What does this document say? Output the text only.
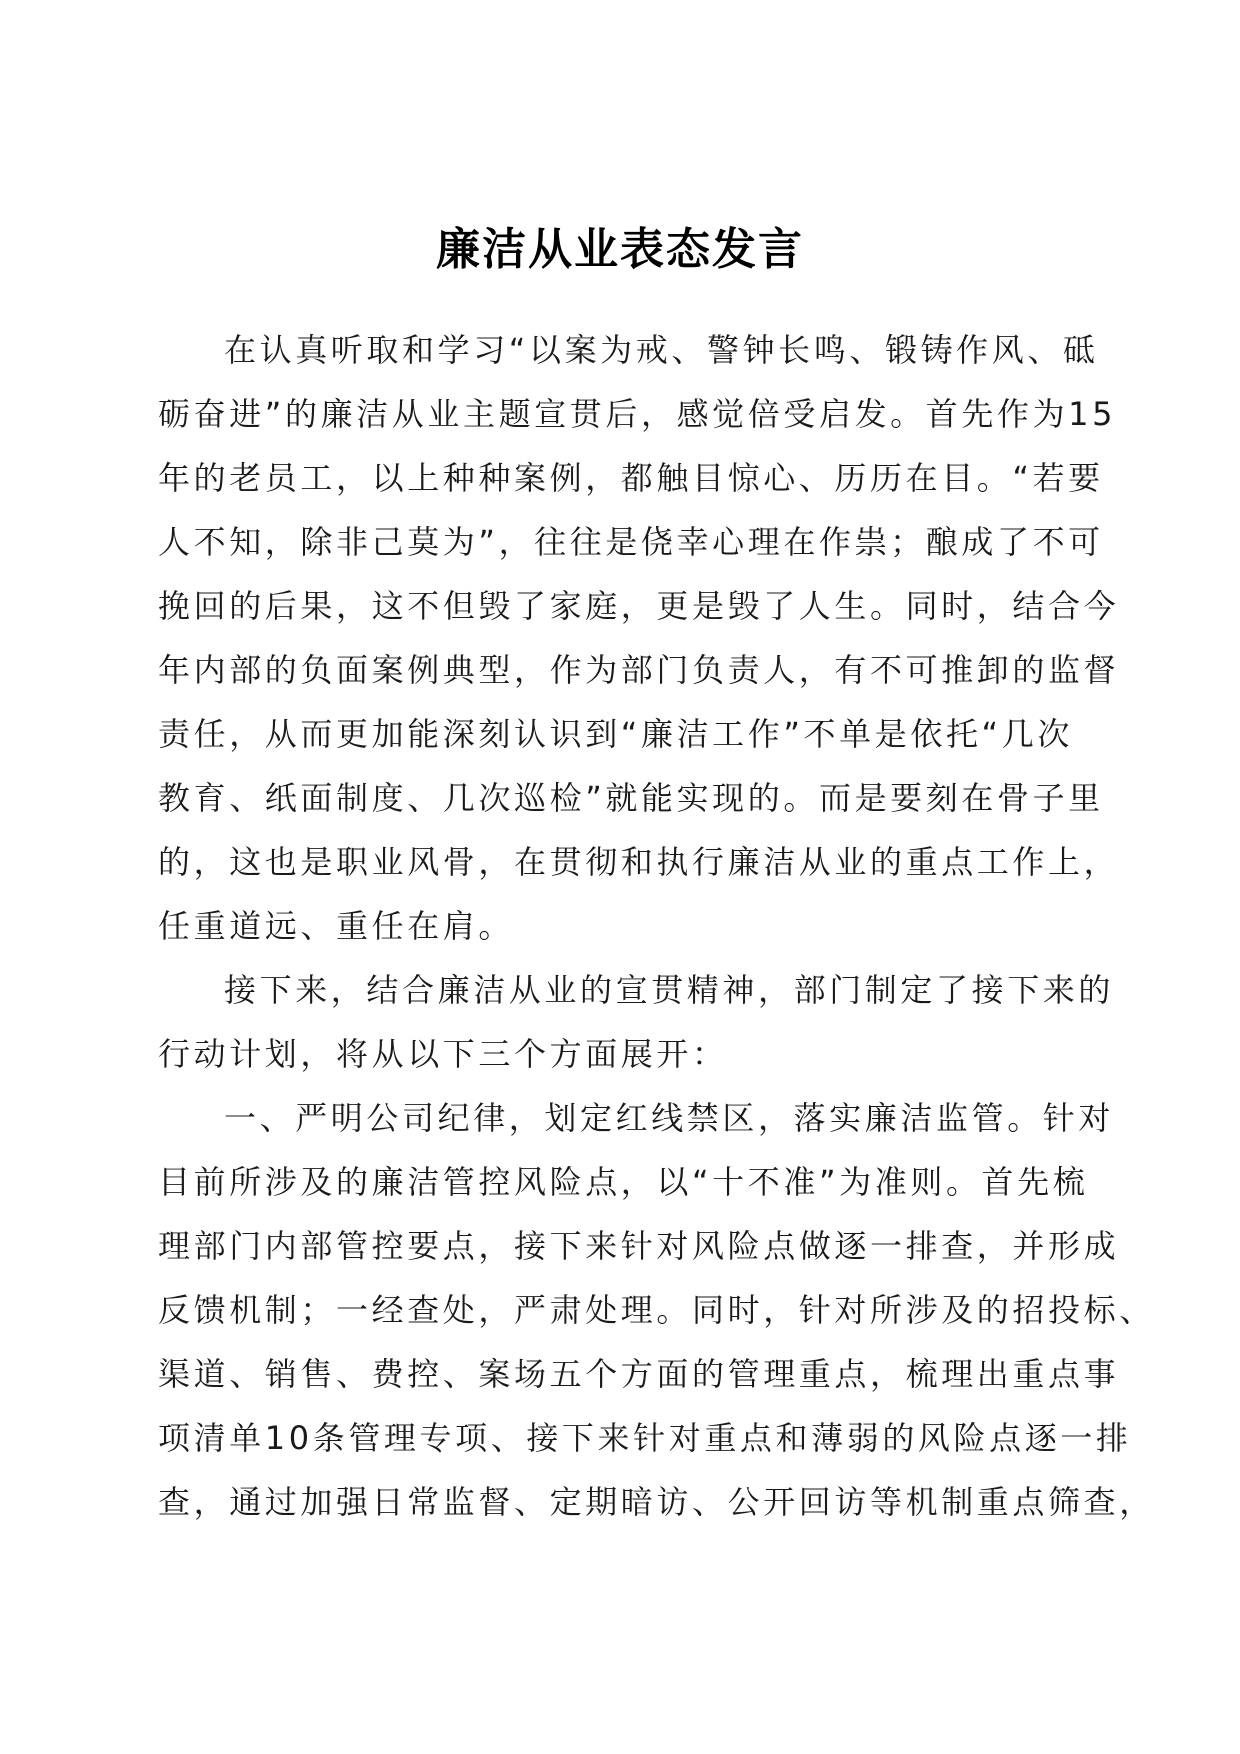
廉洁从业表态发言
在认真听取和学习“以案为戒、警钟长鸣、锻铸作风、砥
砺奋进”的廉洁从业主题宣贯后，感觉倍受启发。首先作为15
年的老员工，以上种种案例，都触目惊心、历历在目。“若要
人不知，除非己莫为”，往往是侥幸心理在作祟；酿成了不可
挽回的后果，这不但毁了家庭，更是毁了人生。同时，结合今
年内部的负面案例典型，作为部门负责人，有不可推卸的监督
责任，从而更加能深刻认识到“廉洁工作”不单是依托“几次
教育、纸面制度、几次巡检”就能实现的。而是要刻在骨子里
的，这也是职业风骨，在贯彻和执行廉洁从业的重点工作上，
任重道远、重任在肩。
接下来，结合廉洁从业的宣贯精神，部门制定了接下来的
行动计划，将从以下三个方面展开：
一、严明公司纪律，划定红线禁区，落实廉洁监管。针对
目前所涉及的廉洁管控风险点，以“十不准”为准则。首先梳
理部门内部管控要点，接下来针对风险点做逐一排查，并形成
反馈机制；一经查处，严肃处理。同时，针对所涉及的招投标、
渠道、销售、费控、案场五个方面的管理重点，梳理出重点事
项清单10条管理专项、接下来针对重点和薄弱的风险点逐一排
查，通过加强日常监督、定期暗访、公开回访等机制重点筛查，
